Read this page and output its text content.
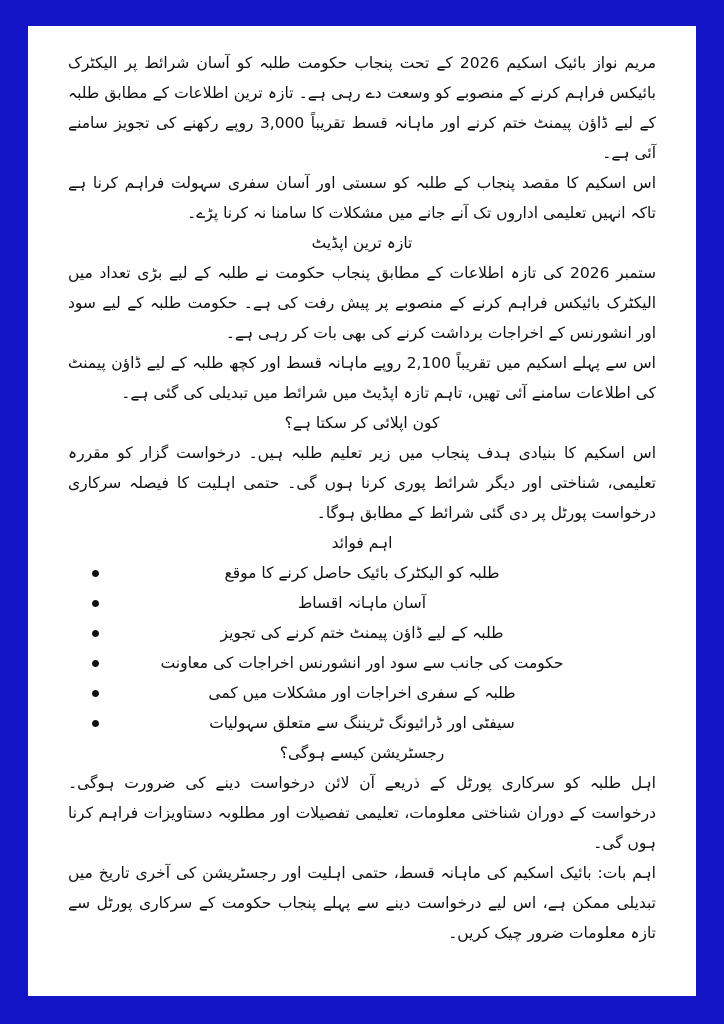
مریم نواز بائیک اسکیم 2026 کے تحت پنجاب حکومت طلبہ کو آسان شرائط پر الیکٹرک بائیکس فراہم کرنے کے منصوبے کو وسعت دے رہی ہے۔ تازہ ترین اطلاعات کے مطابق طلبہ کے لیے ڈاؤن پیمنٹ ختم کرنے اور ماہانہ قسط تقریباً 3,000 روپے رکھنے کی تجویز سامنے آئی ہے۔

اس اسکیم کا مقصد پنجاب کے طلبہ کو سستی اور آسان سفری سہولت فراہم کرنا ہے تاکہ انہیں تعلیمی اداروں تک آنے جانے میں مشکلات کا سامنا نہ کرنا پڑے۔

تازہ ترین اپڈیٹ

ستمبر 2026 کی تازہ اطلاعات کے مطابق پنجاب حکومت نے طلبہ کے لیے بڑی تعداد میں الیکٹرک بائیکس فراہم کرنے کے منصوبے پر پیش رفت کی ہے۔ حکومت طلبہ کے لیے سود اور انشورنس کے اخراجات برداشت کرنے کی بھی بات کر رہی ہے۔

اس سے پہلے اسکیم میں تقریباً 2,100 روپے ماہانہ قسط اور کچھ طلبہ کے لیے ڈاؤن پیمنٹ کی اطلاعات سامنے آئی تھیں، تاہم تازہ اپڈیٹ میں شرائط میں تبدیلی کی گئی ہے۔

کون اپلائی کر سکتا ہے؟

اس اسکیم کا بنیادی ہدف پنجاب میں زیر تعلیم طلبہ ہیں۔ درخواست گزار کو مقررہ تعلیمی، شناختی اور دیگر شرائط پوری کرنا ہوں گی۔ حتمی اہلیت کا فیصلہ سرکاری درخواست پورٹل پر دی گئی شرائط کے مطابق ہوگا۔

اہم فوائد

طلبہ کو الیکٹرک بائیک حاصل کرنے کا موقع
آسان ماہانہ اقساط
طلبہ کے لیے ڈاؤن پیمنٹ ختم کرنے کی تجویز
حکومت کی جانب سے سود اور انشورنس اخراجات کی معاونت
طلبہ کے سفری اخراجات اور مشکلات میں کمی
سیفٹی اور ڈرائیونگ ٹریننگ سے متعلق سہولیات

رجسٹریشن کیسے ہوگی؟

اہل طلبہ کو سرکاری پورٹل کے ذریعے آن لائن درخواست دینے کی ضرورت ہوگی۔ درخواست کے دوران شناختی معلومات، تعلیمی تفصیلات اور مطلوبہ دستاویزات فراہم کرنا ہوں گی۔

اہم بات: بائیک اسکیم کی ماہانہ قسط، حتمی اہلیت اور رجسٹریشن کی آخری تاریخ میں تبدیلی ممکن ہے، اس لیے درخواست دینے سے پہلے پنجاب حکومت کے سرکاری پورٹل سے تازہ معلومات ضرور چیک کریں۔
